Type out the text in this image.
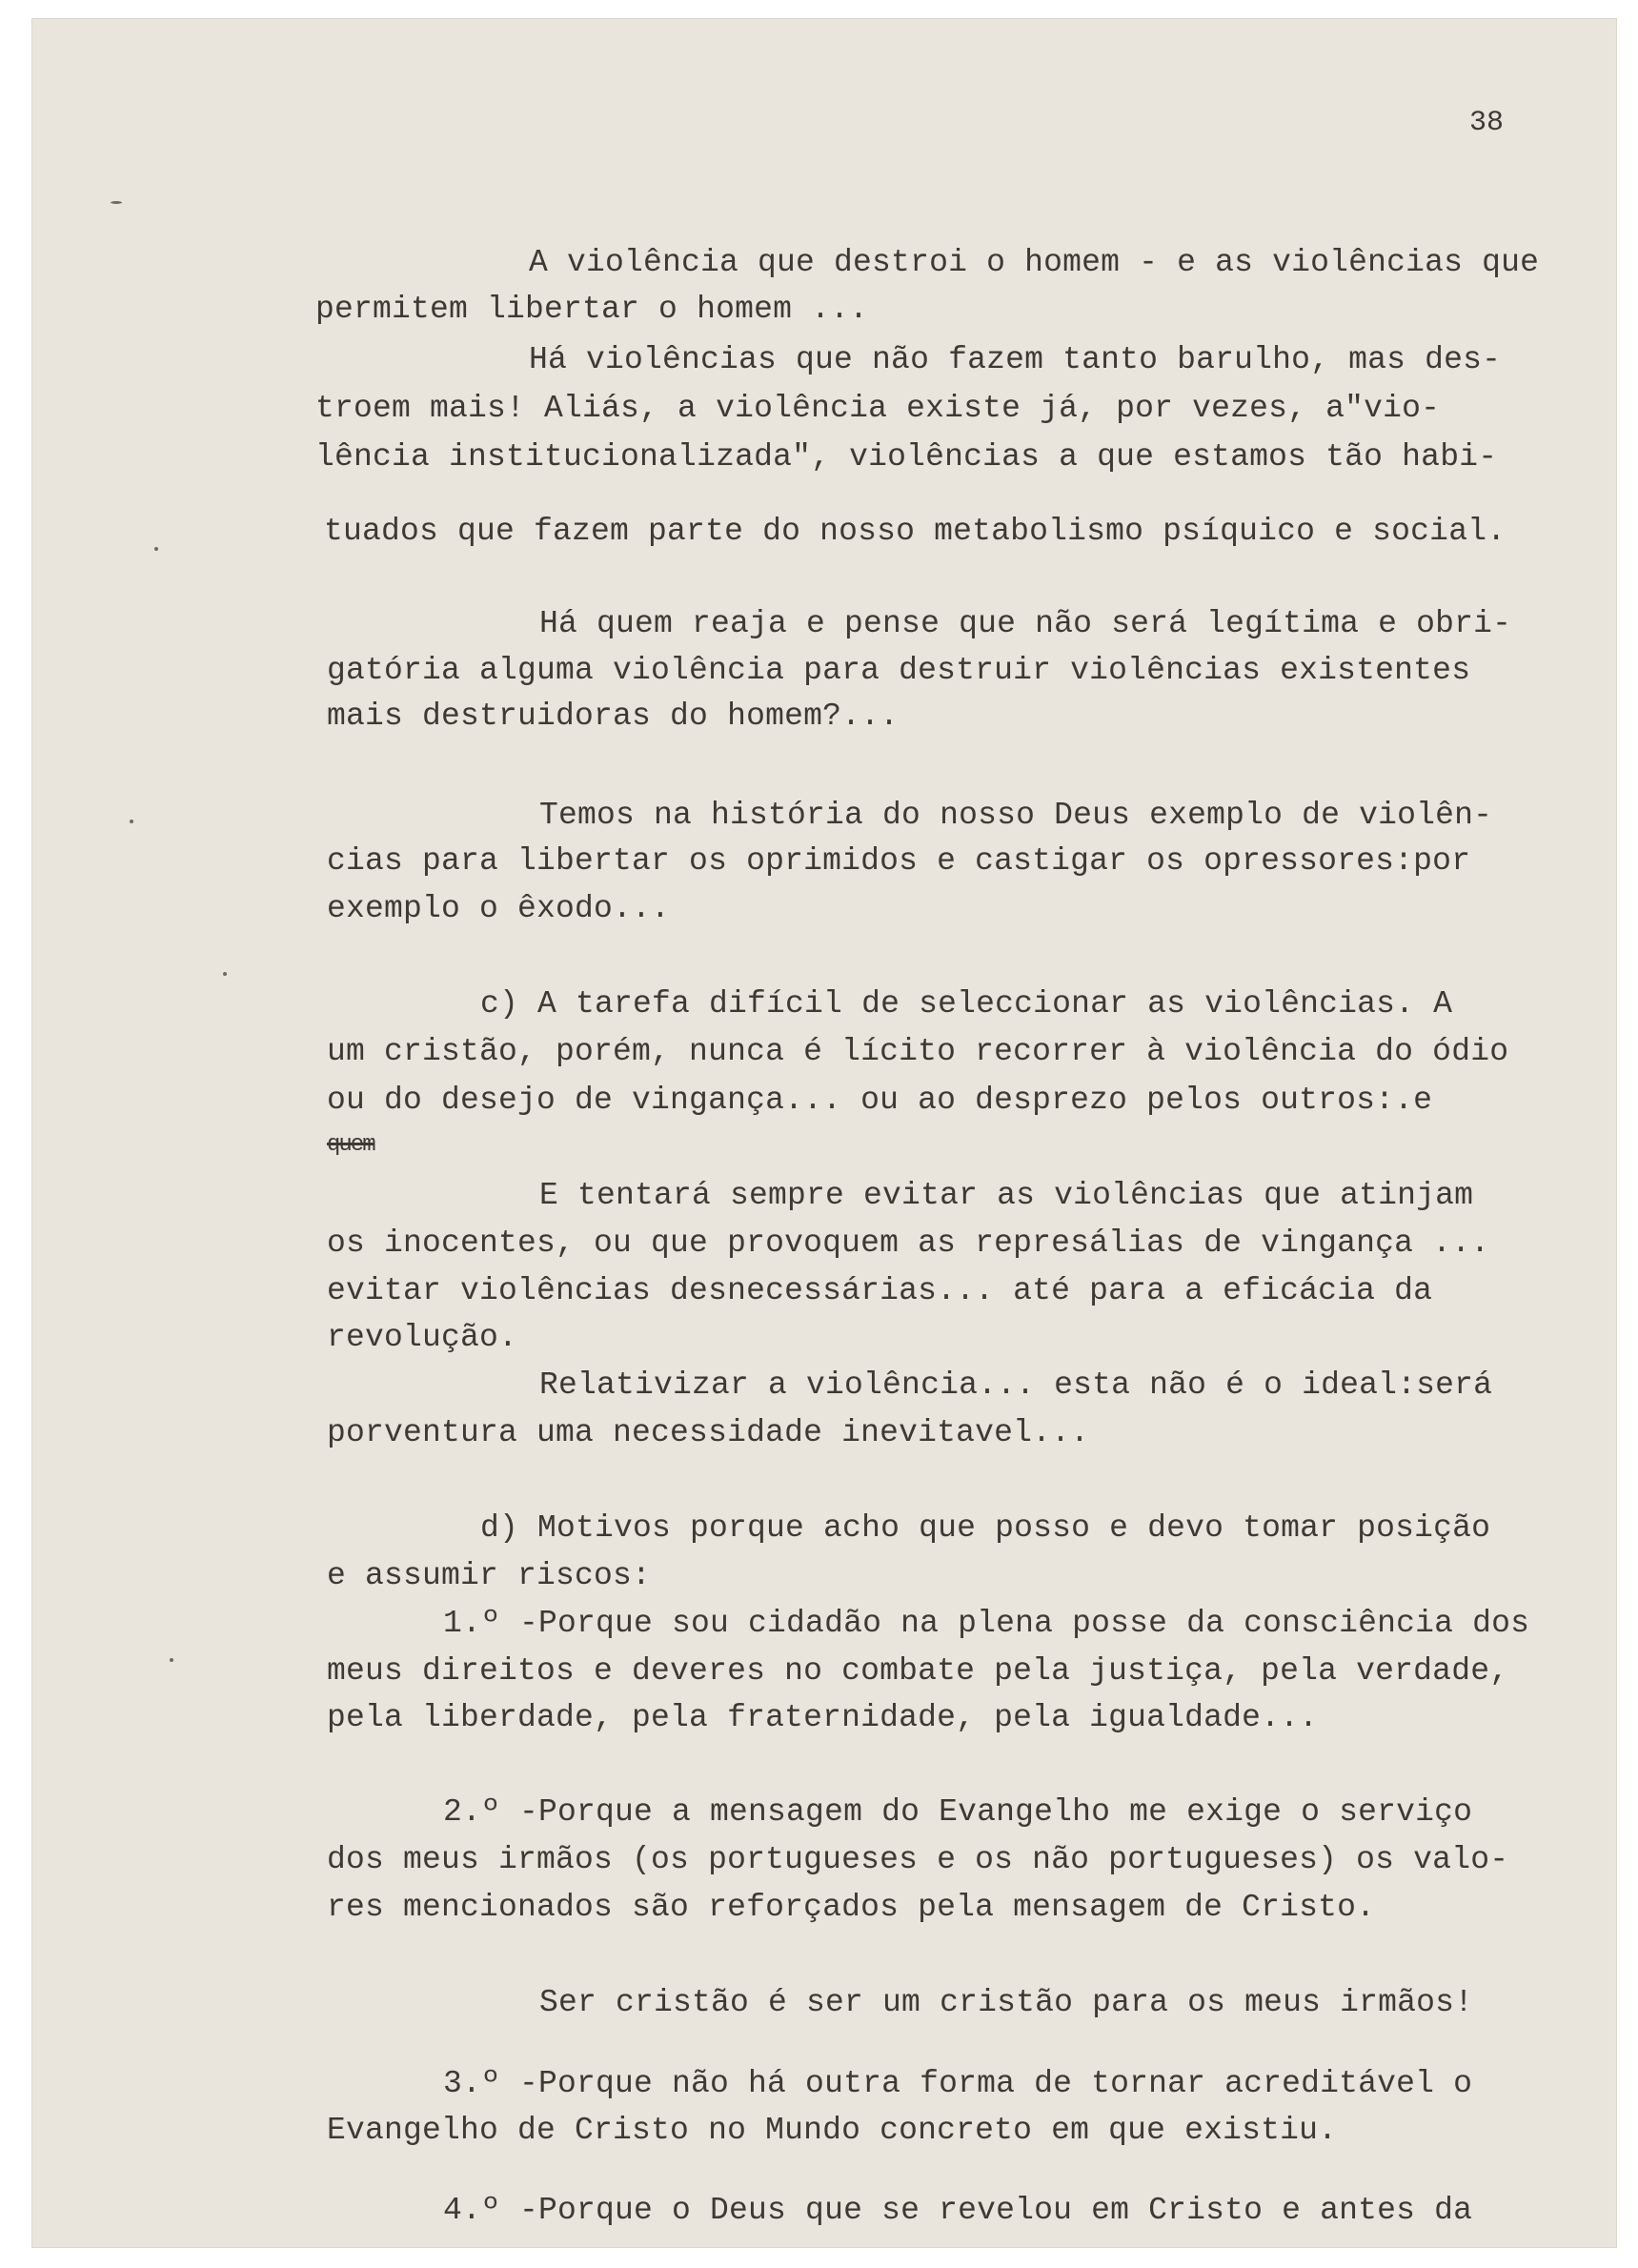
38
A violência que destroi o homem - e as violências que
permitem libertar o homem ...
Há violências que não fazem tanto barulho, mas des-
troem mais! Aliás, a violência existe já, por vezes, a"vio-
lência institucionalizada", violências a que estamos tão habi-
tuados que fazem parte do nosso metabolismo psíquico e social.
Há quem reaja e pense que não será legítima e obri-
gatória alguma violência para destruir violências existentes
mais destruidoras do homem?...
Temos na história do nosso Deus exemplo de violên-
cias para libertar os oprimidos e castigar os opressores:por
exemplo o êxodo...
c) A tarefa difícil de seleccionar as violências. A
um cristão, porém, nunca é lícito recorrer à violência do ódio
ou do desejo de vingança... ou ao desprezo pelos outros:.e
quem
E tentará sempre evitar as violências que atinjam
os inocentes, ou que provoquem as represálias de vingança ...
evitar violências desnecessárias... até para a eficácia da
revolução.
Relativizar a violência... esta não é o ideal:será
porventura uma necessidade inevitavel...
d) Motivos porque acho que posso e devo tomar posição
e assumir riscos:
1.º -Porque sou cidadão na plena posse da consciência dos
meus direitos e deveres no combate pela justiça, pela verdade,
pela liberdade, pela fraternidade, pela igualdade...
2.º -Porque a mensagem do Evangelho me exige o serviço
dos meus irmãos (os portugueses e os não portugueses) os valo-
res mencionados são reforçados pela mensagem de Cristo.
Ser cristão é ser um cristão para os meus irmãos!
3.º -Porque não há outra forma de tornar acreditável o
Evangelho de Cristo no Mundo concreto em que existiu.
4.º -Porque o Deus que se revelou em Cristo e antes da
